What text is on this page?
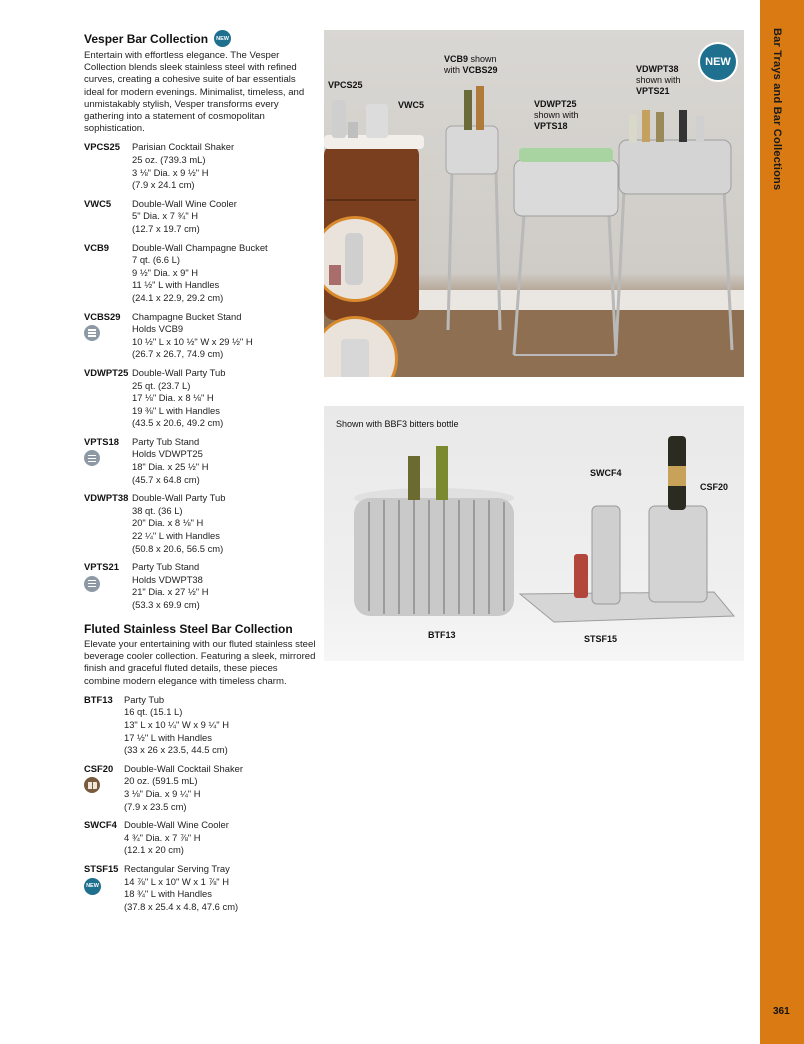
Bar Trays and Bar Collections
361
Vesper Bar Collection	NEW

Entertain with effortless elegance. The Vesper Collection blends sleek stainless steel with refined curves, creating a cohesive suite of bar essentials ideal for modern evenings. Minimalist, timeless, and unmistakably stylish, Vesper transforms every gathering into a statement of cosmopolitan sophistication.

VPCS25	Parisian Cocktail Shaker
25 oz. (739.3 mL)
3 ⅛" Dia. x 9 ½" H
(7.9 x 24.1 cm)
VWC5	Double-Wall Wine Cooler
5" Dia. x 7 ¾" H
(12.7 x 19.7 cm)
VCB9	Double-Wall Champagne Bucket
7 qt. (6.6 L)
9 ½" Dia. x 9" H
11 ½" L with Handles
(24.1 x 22.9, 29.2 cm)
VCBS29	Champagne Bucket Stand
Holds VCB9
10 ½" L x 10 ½" W x 29 ½" H
(26.7 x 26.7, 74.9 cm)
VDWPT25 Double-Wall Party Tub
25 qt. (23.7 L)
17 ⅛" Dia. x 8 ⅛" H
19 ⅜" L with Handles
(43.5 x 20.6, 49.2 cm)
VPTS18	Party Tub Stand
Holds VDWPT25
18" Dia. x 25 ½" H
(45.7 x 64.8 cm)
VDWPT38 Double-Wall Party Tub
38 qt. (36 L)
20" Dia. x 8 ⅛" H
22 ¼" L with Handles
(50.8 x 20.6, 56.5 cm)
VPTS21	Party Tub Stand
Holds VDWPT38
21" Dia. x 27 ½" H
(53.3 x 69.9 cm)
Fluted Stainless Steel Bar Collection

Elevate your entertaining with our fluted stainless steel beverage cooler collection. Featuring a sleek, mirrored finish and graceful fluted details, these pieces combine modern elegance with timeless charm.

BTF13	Party Tub
16 qt. (15.1 L)
13" L x 10 ¼" W x 9 ¼" H
17 ½" L with Handles
(33 x 26 x 23.5, 44.5 cm)
CSF20	Double-Wall Cocktail Shaker
20 oz. (591.5 mL)
3 ⅛" Dia. x 9 ¼" H
(7.9 x 23.5 cm)
SWCF4 Double-Wall Wine Cooler
4 ¾" Dia. x 7 ⅞" H
(12.1 x 20 cm)
STSF15
NEW
Rectangular Serving Tray
14 ⅞" L x 10" W x 1 ⅞" H
18 ¾" L with Handles
(37.8 x 25.4 x 4.8, 47.6 cm)
NEW
VPCS25
VWC5
VCB9 shown
with VCBS29
VDWPT25
shown with
VPTS18
VDWPT38
shown with
VPTS21
Shown with BBF3 bitters bottle
SWCF4
CSF20
BTF13	STSF15
